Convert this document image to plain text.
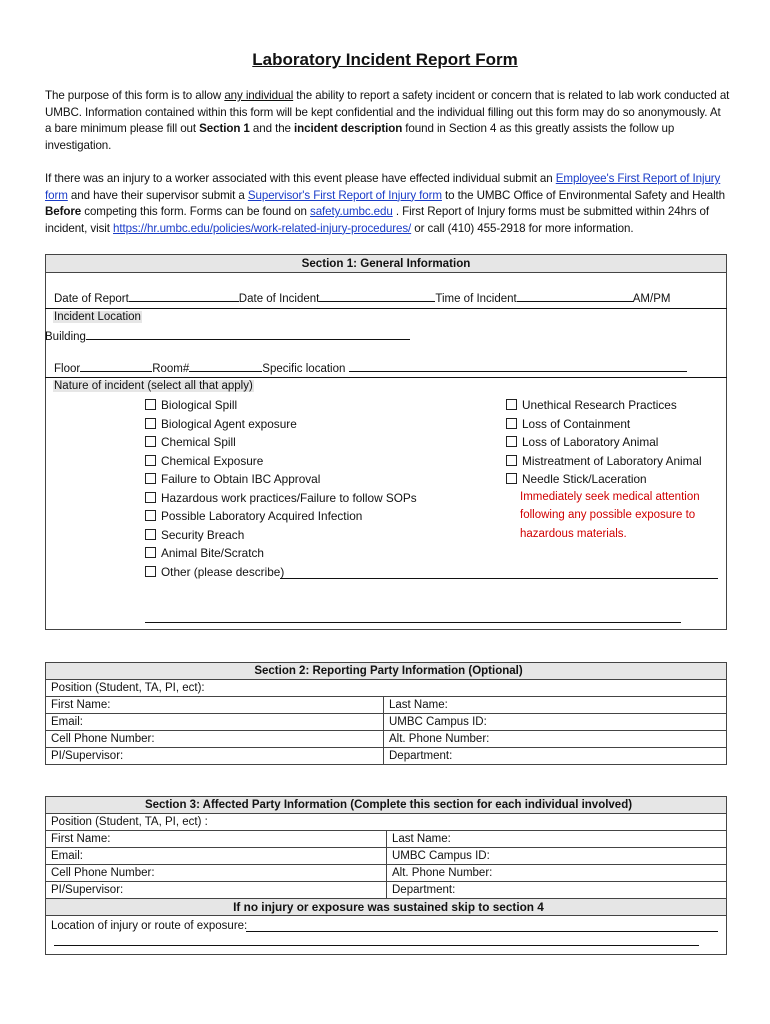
Laboratory Incident Report Form
The purpose of this form is to allow any individual the ability to report a safety incident or concern that is related to lab work conducted at UMBC. Information contained within this form will be kept confidential and the individual filling out this form may do so anonymously. At a bare minimum please fill out Section 1 and the incident description found in Section 4 as this greatly assists the follow up investigation.
If there was an injury to a worker associated with this event please have effected individual submit an Employee's First Report of Injury form and have their supervisor submit a Supervisor's First Report of Injury form to the UMBC Office of Environmental Safety and Health Before competing this form. Forms can be found on safety.umbc.edu . First Report of Injury forms must be submitted within 24hrs of incident, visit https://hr.umbc.edu/policies/work-related-injury-procedures/ or call (410) 455-2918 for more information.
Section 1: General Information
Date of Report	Date of Incident	Time of Incident	AM/PM
Incident Location
Building
Floor	Room#	Specific location
Nature of incident (select all that apply)
Biological Spill
Biological Agent exposure
Chemical Spill
Chemical Exposure
Failure to Obtain IBC Approval
Hazardous work practices/Failure to follow SOPs
Possible Laboratory Acquired Infection
Security Breach
Animal Bite/Scratch
Other (please describe)
Unethical Research Practices
Loss of Containment
Loss of Laboratory Animal
Mistreatment of Laboratory Animal
Needle Stick/Laceration
Immediately seek medical attention
following any possible exposure to
hazardous materials.
Section 2: Reporting Party Information (Optional)	
Position (Student, TA, PI, ect):	
First Name:	Last Name:
Email:	UMBC Campus ID:
Cell Phone Number:	Alt. Phone Number:
PI/Supervisor:	Department:
Section 3: Affected Party Information (Complete this section for each individual involved)	
Position (Student, TA, PI, ect) :	
First Name:	Last Name:
Email:	UMBC Campus ID:
Cell Phone Number:	Alt. Phone Number:
PI/Supervisor:	Department:
If no injury or exposure was sustained skip to section 4	
Location of injury or route of exposure:	
